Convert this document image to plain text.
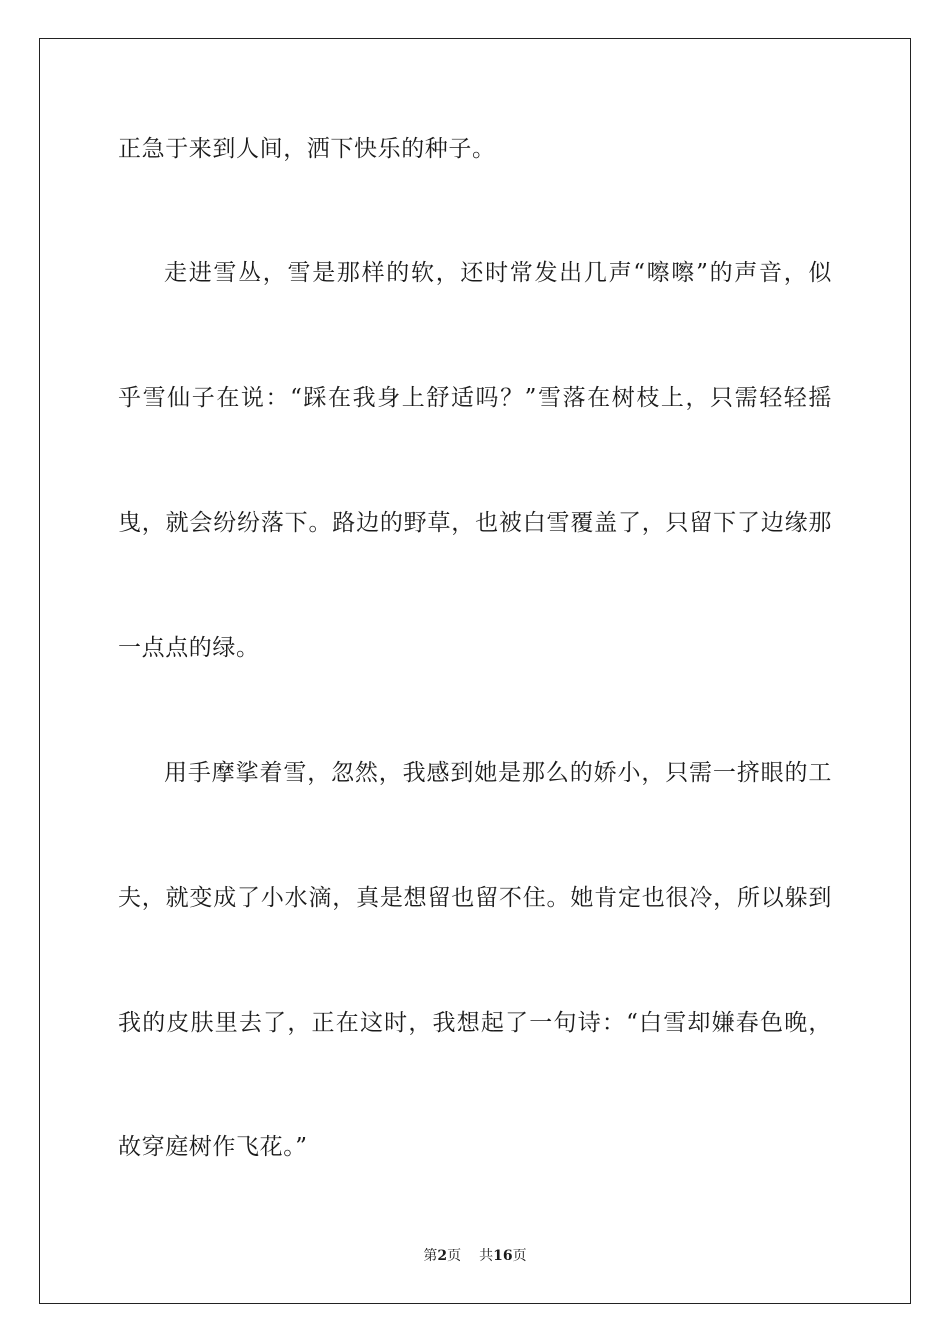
正急于来到人间，洒下快乐的种子。
走进雪丛，雪是那样的软，还时常发出几声“嚓嚓”的声音，似
乎雪仙子在说：“踩在我身上舒适吗？”雪落在树枝上，只需轻轻摇
曳，就会纷纷落下。路边的野草，也被白雪覆盖了，只留下了边缘那
一点点的绿。
用手摩挲着雪，忽然，我感到她是那么的娇小，只需一挤眼的工
夫，就变成了小水滴，真是想留也留不住。她肯定也很冷，所以躲到
我的皮肤里去了，正在这时，我想起了一句诗：“白雪却嫌春色晚，
故穿庭树作飞花。”
第2页 共16页
